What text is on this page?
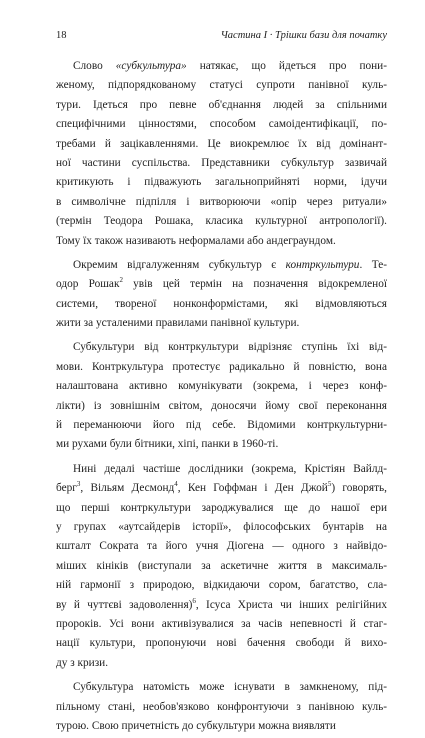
18	Частина I · Трішки бази для початку
Слово «субкультура» натякає, що йдеться про пони-
женому, підпорядкованому статусі супроти панівної куль-
тури. Ідеться про певне об'єднання людей за спільними
специфічними цінностями, способом самоідентифікації, по-
требами й зацікавленнями. Це виокремлює їх від домінант-
ної частини суспільства. Представники субкультур зазвичай
критикують і підважують загальноприйняті норми, ідучи
в символічне підпілля і витворюючи «опір через ритуали»
(термін Теодора Рошака, класика культурної антропології).
Тому їх також називають неформалами або андеграундом.
Окремим відгалуженням субкультур є контркультури. Те-
одор Рошак$^2$ увів цей термін на позначення відокремленої
системи, твореної нонконформістами, які відмовляються
жити за усталеними правилами панівної культури.
Субкультури від контркультури відрізняє ступінь їхі від-
мови. Контркультура протестує радикально й повністю, вона
налаштована активно комунікувати (зокрема, і через конф-
лікти) із зовнішнім світом, доносячи йому свої переконання
й переманюючи його під себе. Відомими контркультурни-
ми рухами були бітники, хіпі, панки в 1960-ті.
Нині дедалі частіше дослідники (зокрема, Крістіян Вайлд-
берг$^3$, Вільям Десмонд$^4$, Кен Гоффман і Ден Джой$^5$) говорять,
що перші контркультури зароджувалися ще до нашої ери
у групах «аутсайдерів історії», філософських бунтарів на
кшталт Сократа та його учня Діогена — одного з найвідо-
міших кініків (виступали за аскетичне життя в максималь-
ній гармонії з природою, відкидаючи сором, багатство, сла-
ву й чуттєві задоволення)$^6$, Ісуса Христа чи інших релігійних
пророків. Усі вони активізувалися за часів непевності й стаг-
нації культури, пропонуючи нові бачення свободи й вихо-
ду з кризи.
Субкультура натомість може існувати в замкненому, під-
пільному стані, необов'язково конфронтуючи з панівною куль-
турою. Свою причетність до субкультури можна виявляти
